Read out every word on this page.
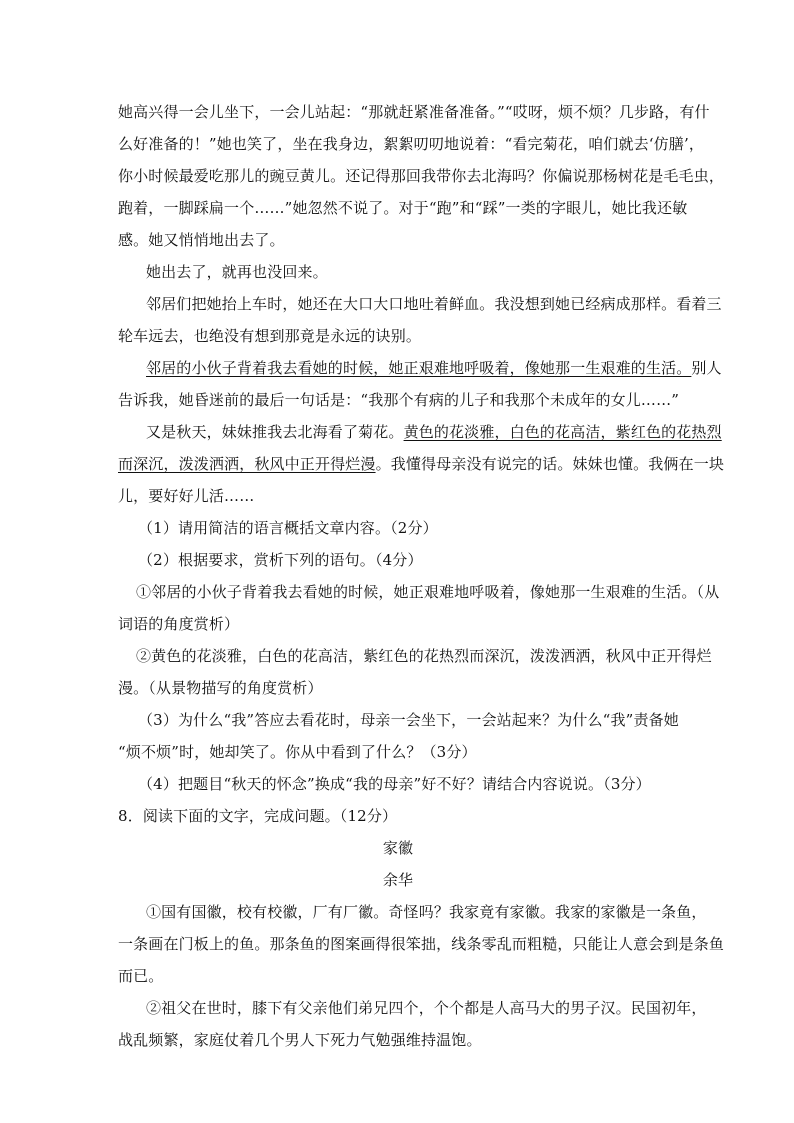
她高兴得一会儿坐下，一会儿站起：“那就赶紧准备准备。”“哎呀，烦不烦？几步路，有什
么好准备的！”她也笑了，坐在我身边，絮絮叨叨地说着：“看完菊花，咱们就去‘仿膳’，
你小时候最爱吃那儿的豌豆黄儿。还记得那回我带你去北海吗？你偏说那杨树花是毛毛虫，
跑着，一脚踩扁一个……”她忽然不说了。对于“跑”和“踩”一类的字眼儿，她比我还敏
感。她又悄悄地出去了。
她出去了，就再也没回来。
邻居们把她抬上车时，她还在大口大口地吐着鲜血。我没想到她已经病成那样。看着三
轮车远去，也绝没有想到那竟是永远的诀别。
邻居的小伙子背着我去看她的时候，她正艰难地呼吸着，像她那一生艰难的生活。别人
告诉我，她昏迷前的最后一句话是：“我那个有病的儿子和我那个未成年的女儿……”
又是秋天，妹妹推我去北海看了菊花。黄色的花淡雅，白色的花高洁，紫红色的花热烈
而深沉，泼泼洒洒，秋风中正开得烂漫。我懂得母亲没有说完的话。妹妹也懂。我俩在一块
儿，要好好儿活……
（1）请用简洁的语言概括文章内容。（2分）
（2）根据要求，赏析下列的语句。（4分）
①邻居的小伙子背着我去看她的时候，她正艰难地呼吸着，像她那一生艰难的生活。（从
词语的角度赏析）
②黄色的花淡雅，白色的花高洁，紫红色的花热烈而深沉，泼泼洒洒，秋风中正开得烂
漫。（从景物描写的角度赏析）
（3）为什么“我”答应去看花时，母亲一会坐下，一会站起来？为什么“我”责备她
“烦不烦”时，她却笑了。你从中看到了什么？（3分）
（4）把题目“秋天的怀念”换成“我的母亲”好不好？请结合内容说说。（3分）
8．阅读下面的文字，完成问题。（12分）
家徽
余华
①国有国徽，校有校徽，厂有厂徽。奇怪吗？我家竟有家徽。我家的家徽是一条鱼，
一条画在门板上的鱼。那条鱼的图案画得很笨拙，线条零乱而粗糙，只能让人意会到是条鱼
而已。
②祖父在世时，膝下有父亲他们弟兄四个，个个都是人高马大的男子汉。民国初年，
战乱频繁，家庭仗着几个男人下死力气勉强维持温饱。
